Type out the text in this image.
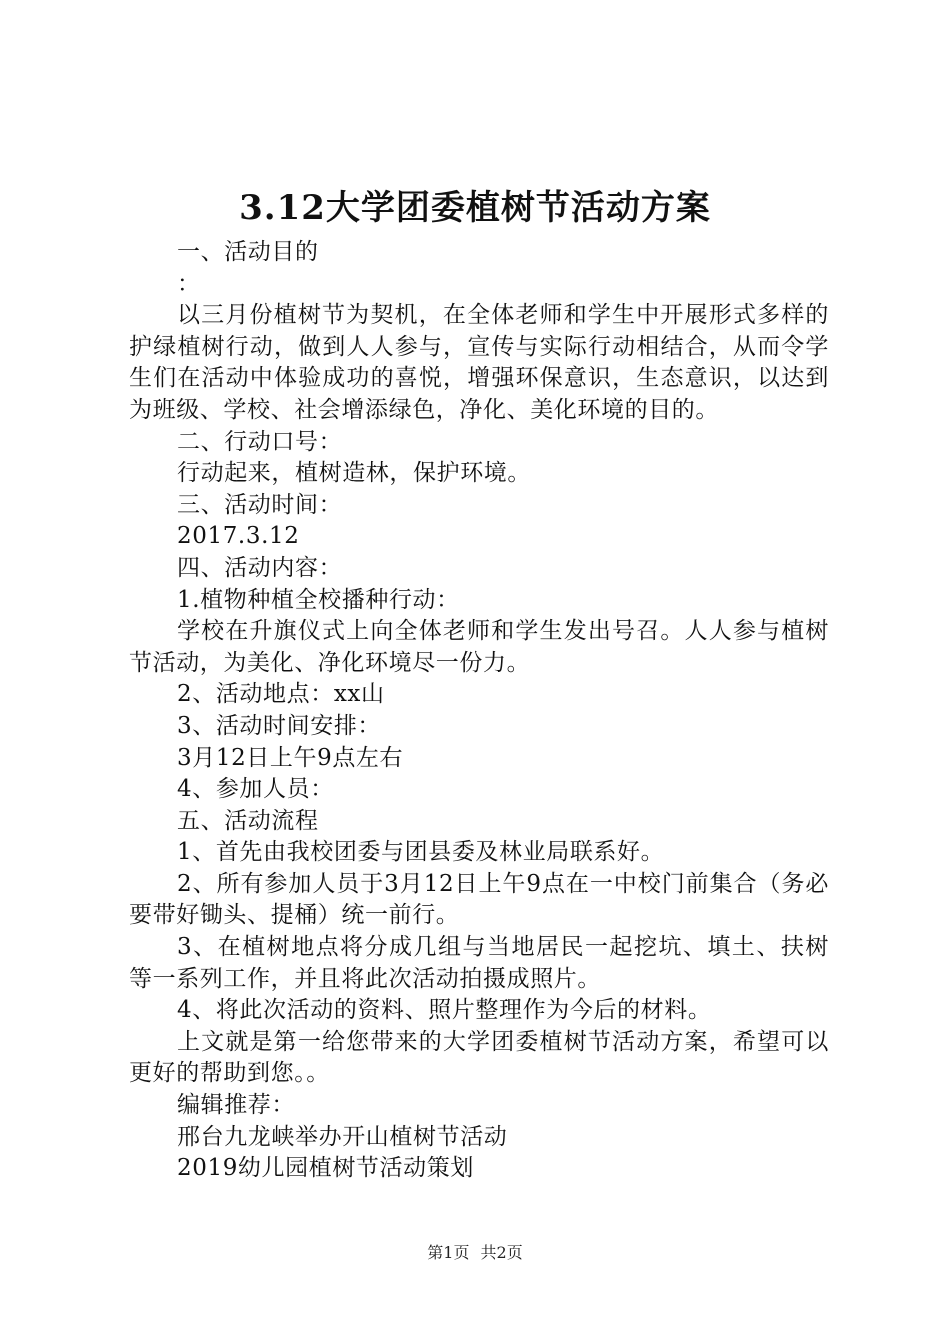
3.12大学团委植树节活动方案

一、活动目的

：

以三月份植树节为契机，在全体老师和学生中开展形式多样的护绿植树行动，做到人人参与，宣传与实际行动相结合，从而令学生们在活动中体验成功的喜悦，增强环保意识，生态意识，以达到为班级、学校、社会增添绿色，净化、美化环境的目的。

二、行动口号：

行动起来，植树造林，保护环境。

三、活动时间：

2017.3.12

四、活动内容：

1.植物种植全校播种行动：

学校在升旗仪式上向全体老师和学生发出号召。人人参与植树节活动，为美化、净化环境尽一份力。

2、活动地点：xx山

3、活动时间安排：

3月12日上午9点左右

4、参加人员：

五、活动流程

1、首先由我校团委与团县委及林业局联系好。

2、所有参加人员于3月12日上午9点在一中校门前集合（务必要带好锄头、提桶）统一前行。

3、在植树地点将分成几组与当地居民一起挖坑、填土、扶树等一系列工作，并且将此次活动拍摄成照片。

4、将此次活动的资料、照片整理作为今后的材料。

上文就是第一给您带来的大学团委植树节活动方案，希望可以更好的帮助到您。。

编辑推荐：

邢台九龙峡举办开山植树节活动

2019幼儿园植树节活动策划

第1页 共2页
